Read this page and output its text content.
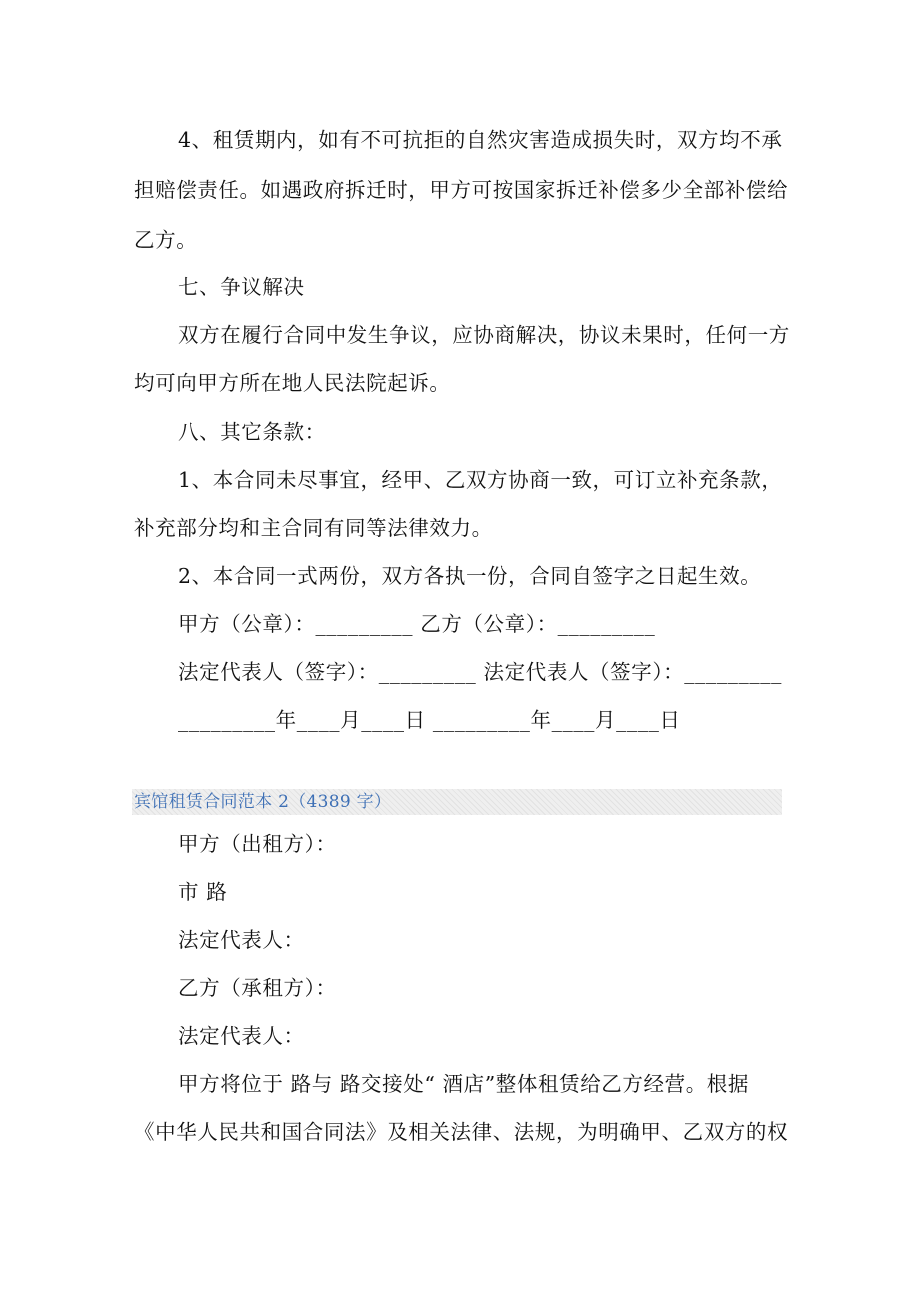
4、租赁期内，如有不可抗拒的自然灾害造成损失时，双方均不承
担赔偿责任。如遇政府拆迁时，甲方可按国家拆迁补偿多少全部补偿给
乙方。
七、争议解决
双方在履行合同中发生争议，应协商解决，协议未果时，任何一方
均可向甲方所在地人民法院起诉。
八、其它条款：
1、本合同未尽事宜，经甲、乙双方协商一致，可订立补充条款，
补充部分均和主合同有同等法律效力。
2、本合同一式两份，双方各执一份，合同自签字之日起生效。
甲方（公章）：_________ 乙方（公章）：_________
法定代表人（签字）：_________ 法定代表人（签字）：_________
_________年____月____日 _________年____月____日
宾馆租赁合同范本 2（4389 字）
甲方（出租方）：
市 路
法定代表人：
乙方（承租方）：
法定代表人：
甲方将位于 路与 路交接处“ 酒店”整体租赁给乙方经营。根据
《中华人民共和国合同法》及相关法律、法规，为明确甲、乙双方的权
